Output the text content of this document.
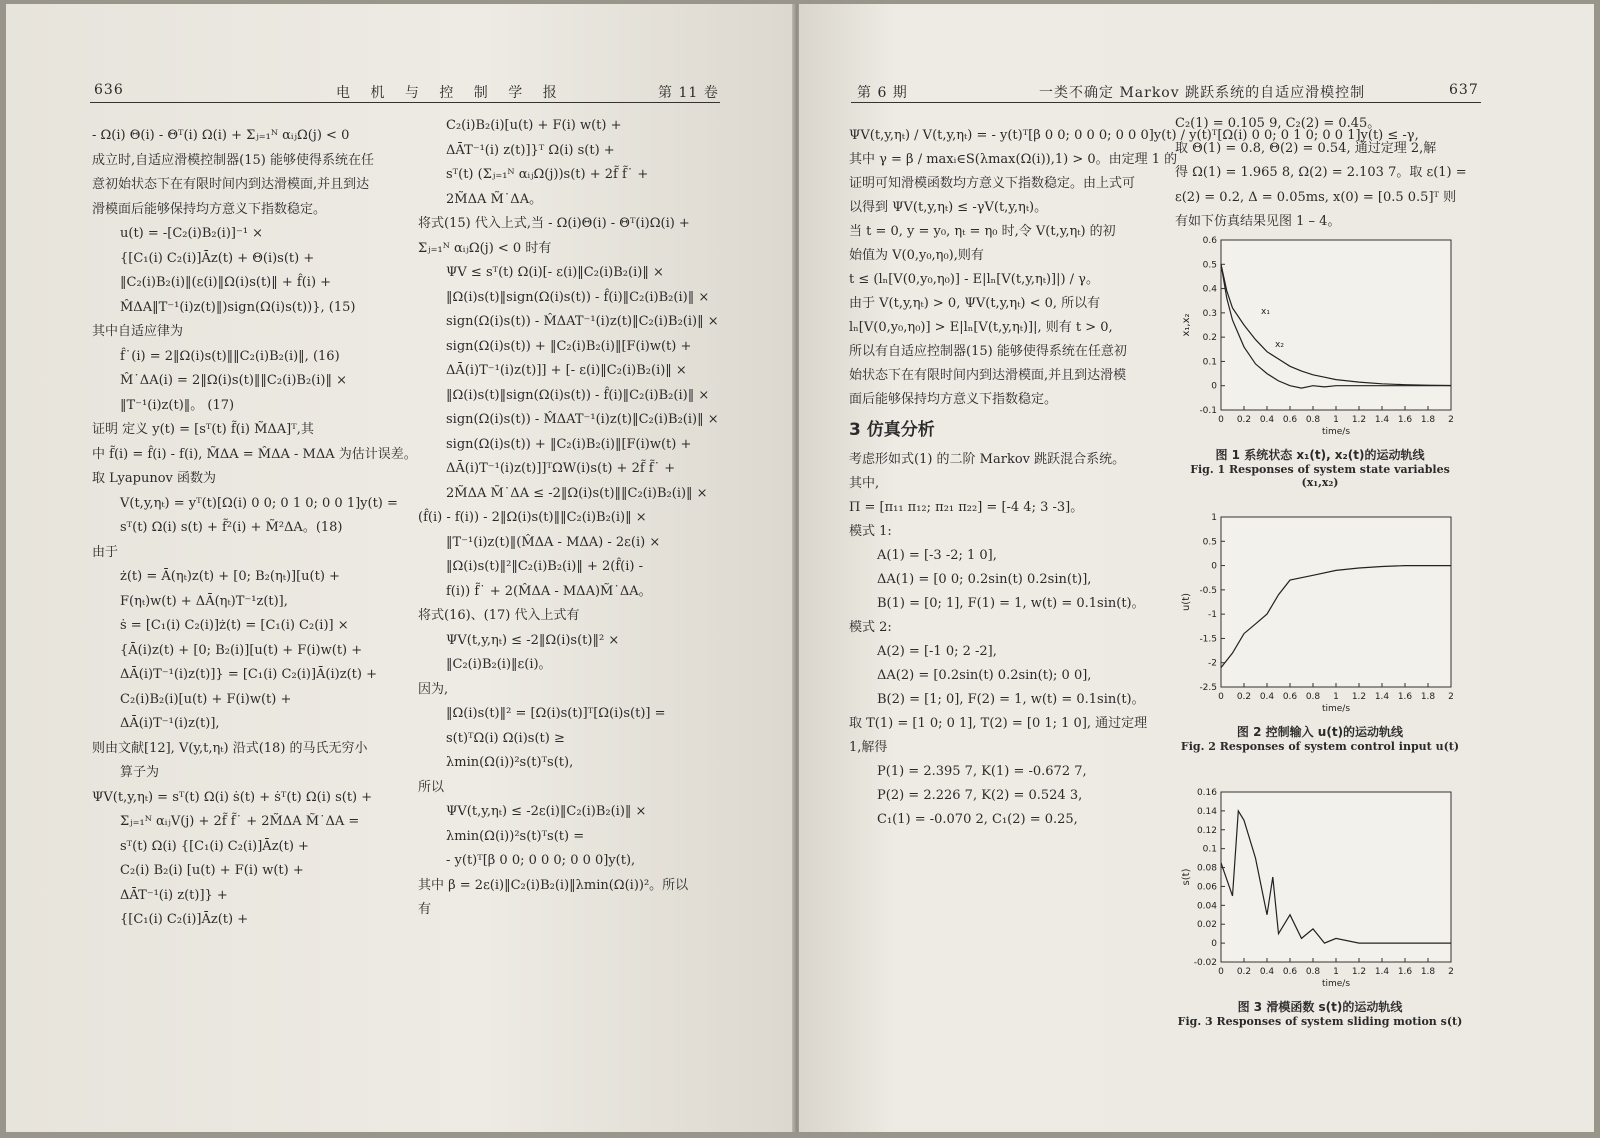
636	电 机 与 控 制 学 报	第 11 卷
- Ω(i) Θ(i) - Θᵀ(i) Ω(i) + Σⱼ₌₁ᴺ αᵢⱼΩ(j) < 0
成立时,自适应滑模控制器(15) 能够使得系统在任
意初始状态下在有限时间内到达滑模面,并且到达
滑模面后能够保持均方意义下指数稳定。
u(t) = -[C₂(i)B₂(i)]⁻¹ ×
{[C₁(i) C₂(i)]Āz(t) + Θ(i)s(t) +
‖C₂(i)B₂(i)‖(ε(i)‖Ω(i)s(t)‖ + f̂(i) +
M̂ΔA‖T⁻¹(i)z(t)‖)sign(Ω(i)s(t))}, (15)
其中自适应律为
f̂˙(i) = 2‖Ω(i)s(t)‖‖C₂(i)B₂(i)‖, (16)
M̂˙ΔA(i) = 2‖Ω(i)s(t)‖‖C₂(i)B₂(i)‖ ×
‖T⁻¹(i)z(t)‖。 (17)
证明 定义 y(t) = [sᵀ(t) f̃(i) M̃ΔA]ᵀ,其
中 f̃(i) = f̂(i) - f(i), M̃ΔA = M̂ΔA - MΔA 为估计误差。
取 Lyapunov 函数为
V(t,y,ηₜ) = yᵀ(t)[Ω(i) 0 0; 0 1 0; 0 0 1]y(t) =
sᵀ(t) Ω(i) s(t) + f̃²(i) + M̃²ΔA。(18)
由于
ż(t) = Ā(ηₜ)z(t) + [0; B₂(ηₜ)][u(t) +
F(ηₜ)w(t) + ΔĀ(ηₜ)T⁻¹z(t)],
ṡ = [C₁(i) C₂(i)]ż(t) = [C₁(i) C₂(i)] ×
{Ā(i)z(t) + [0; B₂(i)][u(t) + F(i)w(t) +
ΔĀ(i)T⁻¹(i)z(t)]} = [C₁(i) C₂(i)]Ā(i)z(t) +
C₂(i)B₂(i)[u(t) + F(i)w(t) +
ΔĀ(i)T⁻¹(i)z(t)],
则由文献[12], V(y,t,ηₜ) 沿式(18) 的马氏无穷小
算子为
ΨV(t,y,ηₜ) = sᵀ(t) Ω(i) ṡ(t) + ṡᵀ(t) Ω(i) s(t) +
Σⱼ₌₁ᴺ αᵢⱼV(j) + 2f̃ f̃˙ + 2M̃ΔA M̃˙ΔA =
sᵀ(t) Ω(i) {[C₁(i) C₂(i)]Āz(t) +
C₂(i) B₂(i) [u(t) + F(i) w(t) +
ΔĀT⁻¹(i) z(t)]} +
{[C₁(i) C₂(i)]Āz(t) +
C₂(i)B₂(i)[u(t) + F(i) w(t) +
ΔĀT⁻¹(i) z(t)]}ᵀ Ω(i) s(t) +
sᵀ(t) (Σⱼ₌₁ᴺ αᵢⱼΩ(j))s(t) + 2f̃ f̃˙ +
2M̃ΔA M̃˙ΔA。
将式(15) 代入上式,当 - Ω(i)Θ(i) - Θᵀ(i)Ω(i) +
Σⱼ₌₁ᴺ αᵢⱼΩ(j) < 0 时有
ΨV ≤ sᵀ(t) Ω(i)[- ε(i)‖C₂(i)B₂(i)‖ ×
‖Ω(i)s(t)‖sign(Ω(i)s(t)) - f̂(i)‖C₂(i)B₂(i)‖ ×
sign(Ω(i)s(t)) - M̂ΔAT⁻¹(i)z(t)‖C₂(i)B₂(i)‖ ×
sign(Ω(i)s(t)) + ‖C₂(i)B₂(i)‖[F(i)w(t) +
ΔĀ(i)T⁻¹(i)z(t)]] + [- ε(i)‖C₂(i)B₂(i)‖ ×
‖Ω(i)s(t)‖sign(Ω(i)s(t)) - f̂(i)‖C₂(i)B₂(i)‖ ×
sign(Ω(i)s(t)) - M̂ΔAT⁻¹(i)z(t)‖C₂(i)B₂(i)‖ ×
sign(Ω(i)s(t)) + ‖C₂(i)B₂(i)‖[F(i)w(t) +
ΔĀ(i)T⁻¹(i)z(t)]]ᵀΩW(i)s(t) + 2f̃ f̃˙ +
2M̃ΔA M̃˙ΔA ≤ -2‖Ω(i)s(t)‖‖C₂(i)B₂(i)‖ ×
(f̂(i) - f(i)) - 2‖Ω(i)s(t)‖‖C₂(i)B₂(i)‖ ×
‖T⁻¹(i)z(t)‖(M̂ΔA - MΔA) - 2ε(i) ×
‖Ω(i)s(t)‖²‖C₂(i)B₂(i)‖ + 2(f̂(i) -
f(i)) f̃˙ + 2(M̂ΔA - MΔA)M̃˙ΔA。
将式(16)、(17) 代入上式有
ΨV(t,y,ηₜ) ≤ -2‖Ω(i)s(t)‖² ×
‖C₂(i)B₂(i)‖ε(i)。
因为,
‖Ω(i)s(t)‖² = [Ω(i)s(t)]ᵀ[Ω(i)s(t)] =
s(t)ᵀΩ(i) Ω(i)s(t) ≥
λmin(Ω(i))²s(t)ᵀs(t),
所以
ΨV(t,y,ηₜ) ≤ -2ε(i)‖C₂(i)B₂(i)‖ ×
λmin(Ω(i))²s(t)ᵀs(t) =
- y(t)ᵀ[β 0 0; 0 0 0; 0 0 0]y(t),
其中 β = 2ε(i)‖C₂(i)B₂(i)‖λmin(Ω(i))²。所以
有
第 6 期	一类不确定 Markov 跳跃系统的自适应滑模控制	637
ΨV(t,y,ηₜ) / V(t,y,ηₜ) = - y(t)ᵀ[β 0 0; 0 0 0; 0 0 0]y(t) / y(t)ᵀ[Ω(i) 0 0; 0 1 0; 0 0 1]y(t) ≤ -γ,
其中 γ = β / maxᵢ∈S(λmax(Ω(i)),1) > 0。由定理 1 的
证明可知滑模函数均方意义下指数稳定。由上式可
以得到 ΨV(t,y,ηₜ) ≤ -γV(t,y,ηₜ)。
当 t = 0, y = y₀, ηₜ = η₀ 时,令 V(t,y,ηₜ) 的初
始值为 V(0,y₀,η₀),则有
t ≤ (lₙ[V(0,y₀,η₀)] - E|lₙ[V(t,y,ηₜ)]|) / γ。
由于 V(t,y,ηₜ) > 0, ΨV(t,y,ηₜ) < 0, 所以有
lₙ[V(0,y₀,η₀)] > E|lₙ[V(t,y,ηₜ)]|, 则有 t > 0,
所以有自适应控制器(15) 能够使得系统在任意初
始状态下在有限时间内到达滑模面,并且到达滑模
面后能够保持均方意义下指数稳定。
3 仿真分析
考虑形如式(1) 的二阶 Markov 跳跃混合系统。
其中,
Π = [π₁₁ π₁₂; π₂₁ π₂₂] = [-4 4; 3 -3]。
模式 1:
A(1) = [-3 -2; 1 0],
ΔA(1) = [0 0; 0.2sin(t) 0.2sin(t)],
B(1) = [0; 1], F(1) = 1, w(t) = 0.1sin(t)。
模式 2:
A(2) = [-1 0; 2 -2],
ΔA(2) = [0.2sin(t) 0.2sin(t); 0 0],
B(2) = [1; 0], F(2) = 1, w(t) = 0.1sin(t)。
取 T(1) = [1 0; 0 1], T(2) = [0 1; 1 0], 通过定理
1,解得
P(1) = 2.395 7, K(1) = -0.672 7,
P(2) = 2.226 7, K(2) = 0.524 3,
C₁(1) = -0.070 2, C₁(2) = 0.25,
C₂(1) = 0.105 9, C₂(2) = 0.45。
取 Θ(1) = 0.8, Θ(2) = 0.54, 通过定理 2,解
得 Ω(1) = 1.965 8, Ω(2) = 2.103 7。取 ε(1) =
ε(2) = 0.2, Δ = 0.05ms, x(0) = [0.5 0.5]ᵀ 则
有如下仿真结果见图 1 – 4。
-0.1
0
0.1
0.2
0.3
0.4
0.5
0.6
0 0.2 0.4 0.6 0.8 1 1.2 1.4 1.6 1.8 2
time/s
x₁,x₂
x₁
x₂
图 1 系统状态 x₁(t), x₂(t)的运动轨线
Fig. 1 Responses of system state variables (x₁,x₂)
-2.5
-2
-1.5
-1
-0.5
0
0.5
1
0 0.2 0.4 0.6 0.8 1 1.2 1.4 1.6 1.8 2
time/s
u(t)
图 2 控制输入 u(t)的运动轨线
Fig. 2 Responses of system control input u(t)
-0.02
0
0.02
0.04
0.06
0.08
0.1
0.12
0.14
0.16
0 0.2 0.4 0.6 0.8 1 1.2 1.4 1.6 1.8 2
time/s
s(t)
图 3 滑模函数 s(t)的运动轨线
Fig. 3 Responses of system sliding motion s(t)
